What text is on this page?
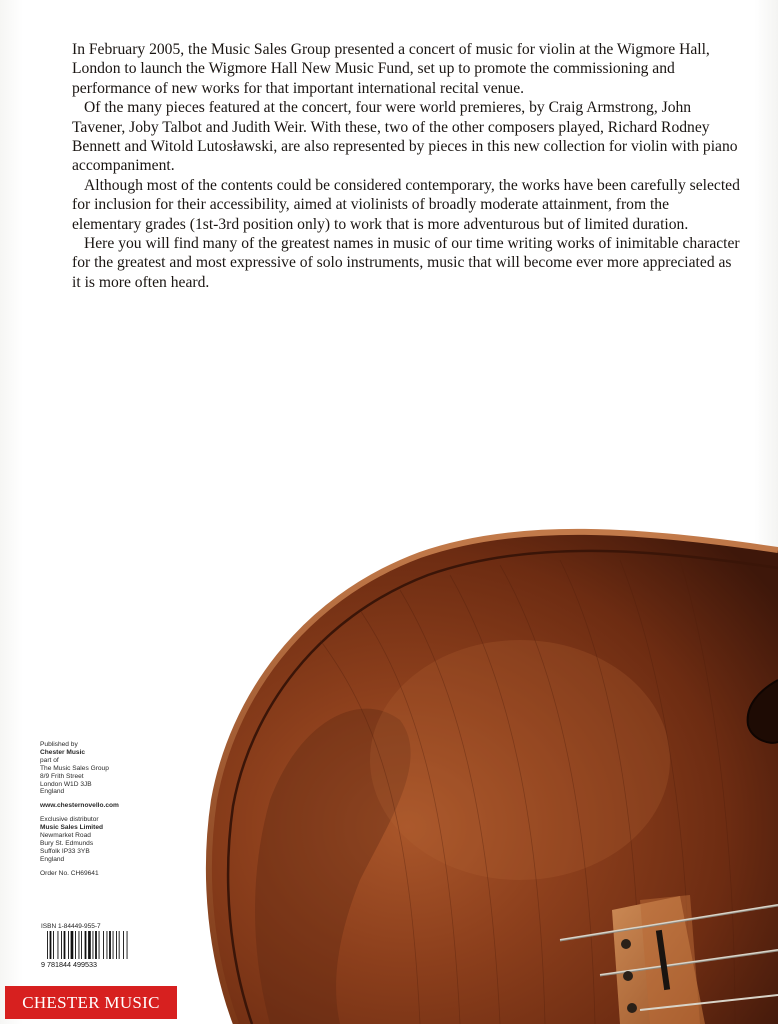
In February 2005, the Music Sales Group presented a concert of music for violin at the Wigmore Hall, London to launch the Wigmore Hall New Music Fund, set up to promote the commissioning and performance of new works for that important international recital venue.

Of the many pieces featured at the concert, four were world premieres, by Craig Armstrong, John Tavener, Joby Talbot and Judith Weir. With these, two of the other composers played, Richard Rodney Bennett and Witold Lutosławski, are also represented by pieces in this new collection for violin with piano accompaniment.

Although most of the contents could be considered contemporary, the works have been carefully selected for inclusion for their accessibility, aimed at violinists of broadly moderate attainment, from the elementary grades (1st-3rd position only) to work that is more adventurous but of limited duration.

Here you will find many of the greatest names in music of our time writing works of inimitable character for the greatest and most expressive of solo instruments, music that will become ever more appreciated as it is more often heard.

Published by
Chester Music
part of
The Music Sales Group
8/9 Frith Street
London W1D 3JB
England
www.chesternovello.com
Exclusive distributor
Music Sales Limited
Newmarket Road
Bury St. Edmunds
Suffolk IP33 3YB
England
Order No. CH69641
ISBN 1-84449-955-7
9 781844 499533
CHESTER MUSIC
